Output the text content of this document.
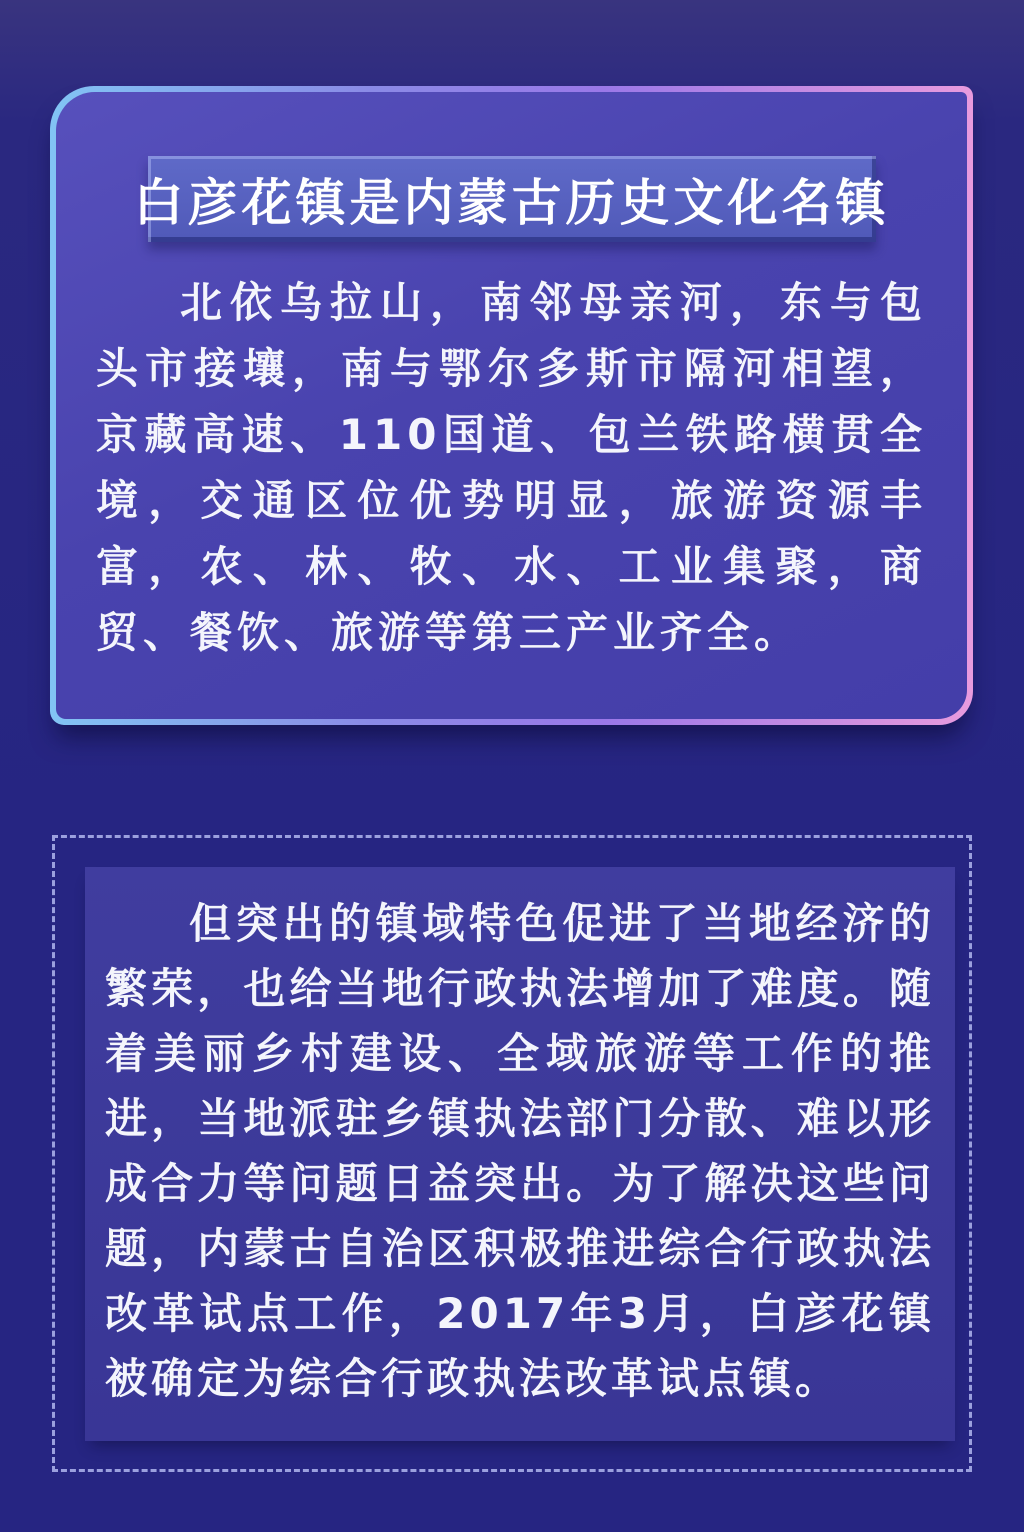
白彦花镇是内蒙古历史文化名镇

北依乌拉山，南邻母亲河，东与包头市接壤，南与鄂尔多斯市隔河相望，京藏高速、110国道、包兰铁路横贯全境，交通区位优势明显，旅游资源丰富，农、林、牧、水、工业集聚，商贸、餐饮、旅游等第三产业齐全。

但突出的镇域特色促进了当地经济的繁荣，也给当地行政执法增加了难度。随着美丽乡村建设、全域旅游等工作的推进，当地派驻乡镇执法部门分散、难以形成合力等问题日益突出。为了解决这些问题，内蒙古自治区积极推进综合行政执法改革试点工作，2017年3月，白彦花镇被确定为综合行政执法改革试点镇。
